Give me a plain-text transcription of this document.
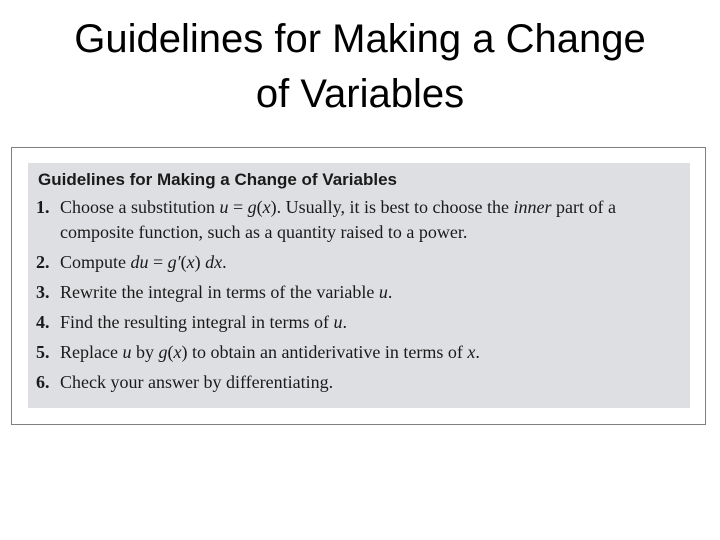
Guidelines for Making a Change
of Variables
Guidelines for Making a Change of Variables
1. Choose a substitution u = g(x). Usually, it is best to choose the inner part of a composite function, such as a quantity raised to a power.
2. Compute du = g′(x) dx.
3. Rewrite the integral in terms of the variable u.
4. Find the resulting integral in terms of u.
5. Replace u by g(x) to obtain an antiderivative in terms of x.
6. Check your answer by differentiating.
